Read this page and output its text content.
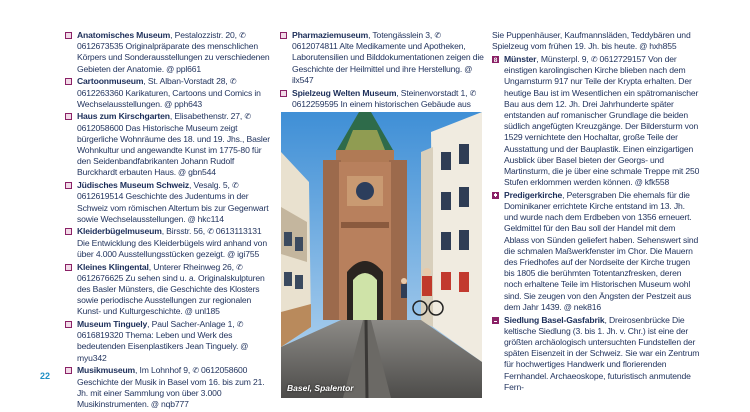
Anatomisches Museum, Pestalozzistr. 20, ✆ 0612673535 Originalpräparate des menschlichen Körpers und Sonderausstellungen zu verschiedenen Gebieten der Anatomie. @ ppl661
Cartoonmuseum, St. Alban-Vorstadt 28, ✆ 0612263360 Karikaturen, Cartoons und Comics in Wechselausstellungen. @ pph643
Haus zum Kirschgarten, Elisabethenstr. 27, ✆ 0612058600 Das Historische Museum zeigt bürgerliche Wohnräume des 18. und 19. Jhs., Basler Wohnkultur und angewandte Kunst im 1775-80 für den Seidenbandfabrikanten Johann Rudolf Burckhardt erbauten Haus. @ gbn544
Jüdisches Museum Schweiz, Vesalg. 5, ✆ 0612619514 Geschichte des Judentums in der Schweiz vom römischen Altertum bis zur Gegenwart sowie Wechselausstellungen. @ hkc114
Kleiderbügelmuseum, Birsstr. 56, ✆ 0613113131 Die Entwicklung des Kleiderbügels wird anhand von über 4.000 Ausstellungsstücken gezeigt. @ igi755
Kleines Klingental, Unterer Rheinweg 26, ✆ 0612676625 Zu sehen sind u. a. Originalskulpturen des Basler Münsters, die Geschichte des Klosters sowie periodische Ausstellungen zur regionalen Kunst- und Kulturgeschichte. @ unl185
Museum Tinguely, Paul Sacher-Anlage 1, ✆ 0616819320 Thema: Leben und Werk des bedeutenden Eisenplastikers Jean Tinguely. @ myu342
Musikmuseum, Im Lohnhof 9, ✆ 0612058600 Geschichte der Musik in Basel vom 16. bis zum 21. Jh. mit einer Sammlung von über 3.000 Musikinstrumenten. @ nqb777
Pharmaziemuseum, Totengässlein 3, ✆ 0612074811 Alte Medikamente und Apotheken, Laborutensilien und Bilddokumentationen zeigen die Geschichte der Heilmittel und ihre Herstellung. @ ilx547
Spielzeug Welten Museum, Steinenvorstadt 1, ✆ 0612259595 In einem historischen Gebäude aus
Basel, Spalentor
Sie Puppenhäuser, Kaufmannsläden, Teddybären und Spielzeug vom frühen 19. Jh. bis heute. @ hxh855
8 Münster, Münsterpl. 9, ✆ 0612729157 Von der einstigen karolingischen Kirche blieben nach dem Ungarnsturm 917 nur Teile der Krypta erhalten. Der heutige Bau ist im Wesentlichen ein spätromanischer Bau aus dem 12. Jh. Drei Jahrhunderte später entstanden auf romanischer Grundlage die beiden südlich angefügten Kreuzgänge. Der Bildersturm von 1529 vernichtete den Hochaltar, große Teile der Ausstattung und der Bauplastik. Einen einzigartigen Ausblick über Basel bieten der Georgs- und Martinsturm, die je über eine schmale Treppe mit 250 Stufen erklommen werden können. @ kfk558
Predigerkirche, Petersgraben Die ehemals für die Dominikaner errichtete Kirche entstand im 13. Jh. und wurde nach dem Erdbeben von 1356 erneuert. Geldmittel für den Bau soll der Handel mit dem Ablass von Sünden geliefert haben. Sehenswert sind die schmalen Maßwerkfenster im Chor. Die Mauern des Friedhofes auf der Nordseite der Kirche trugen bis 1805 die berühmten Totentanzfresken, deren noch erhaltene Teile im Historischen Museum wohl sind. Sie zeugen von den Ängsten der Pestzeit aus dem Jahr 1439. @ nek816
Siedlung Basel-Gasfabrik, Dreirosenbrücke Die keltische Siedlung (3. bis 1. Jh. v. Chr.) ist eine der größten archäologisch untersuchten Fundstellen der späten Eisenzeit in der Schweiz. Sie war ein Zentrum für hochwertiges Handwerk und florierenden Fernhandel. Archaeoskope, futuristisch anmutende Fern-
22
